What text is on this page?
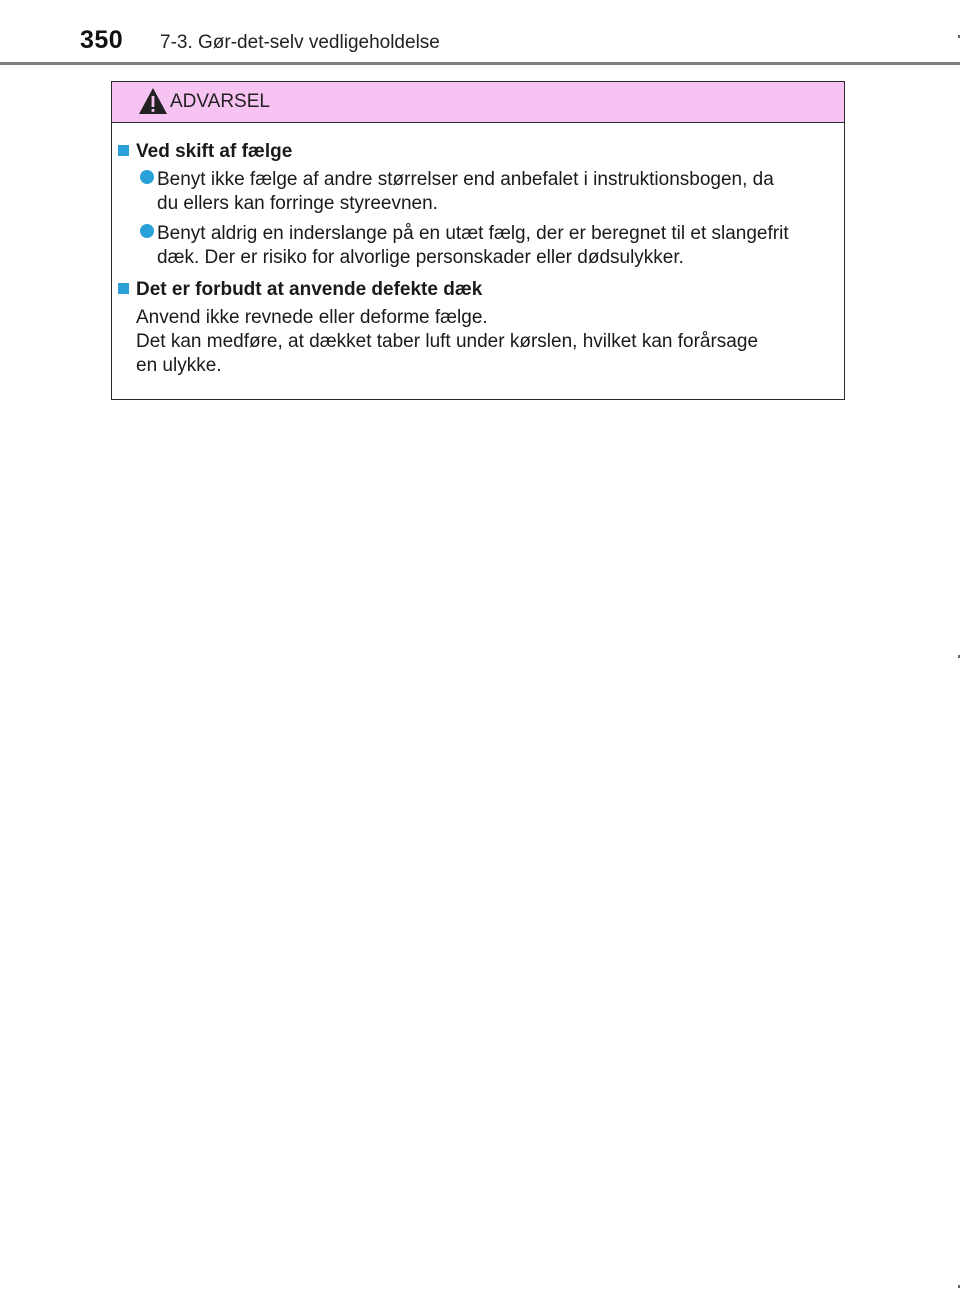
350 7-3. Gør-det-selv vedligeholdelse
ADVARSEL
Ved skift af fælge
Benyt ikke fælge af andre størrelser end anbefalet i instruktionsbogen, da
du ellers kan forringe styreevnen.
Benyt aldrig en inderslange på en utæt fælg, der er beregnet til et slangefrit
dæk. Der er risiko for alvorlige personskader eller dødsulykker.
Det er forbudt at anvende defekte dæk
Anvend ikke revnede eller deforme fælge.
Det kan medføre, at dækket taber luft under kørslen, hvilket kan forårsage
en ulykke.
